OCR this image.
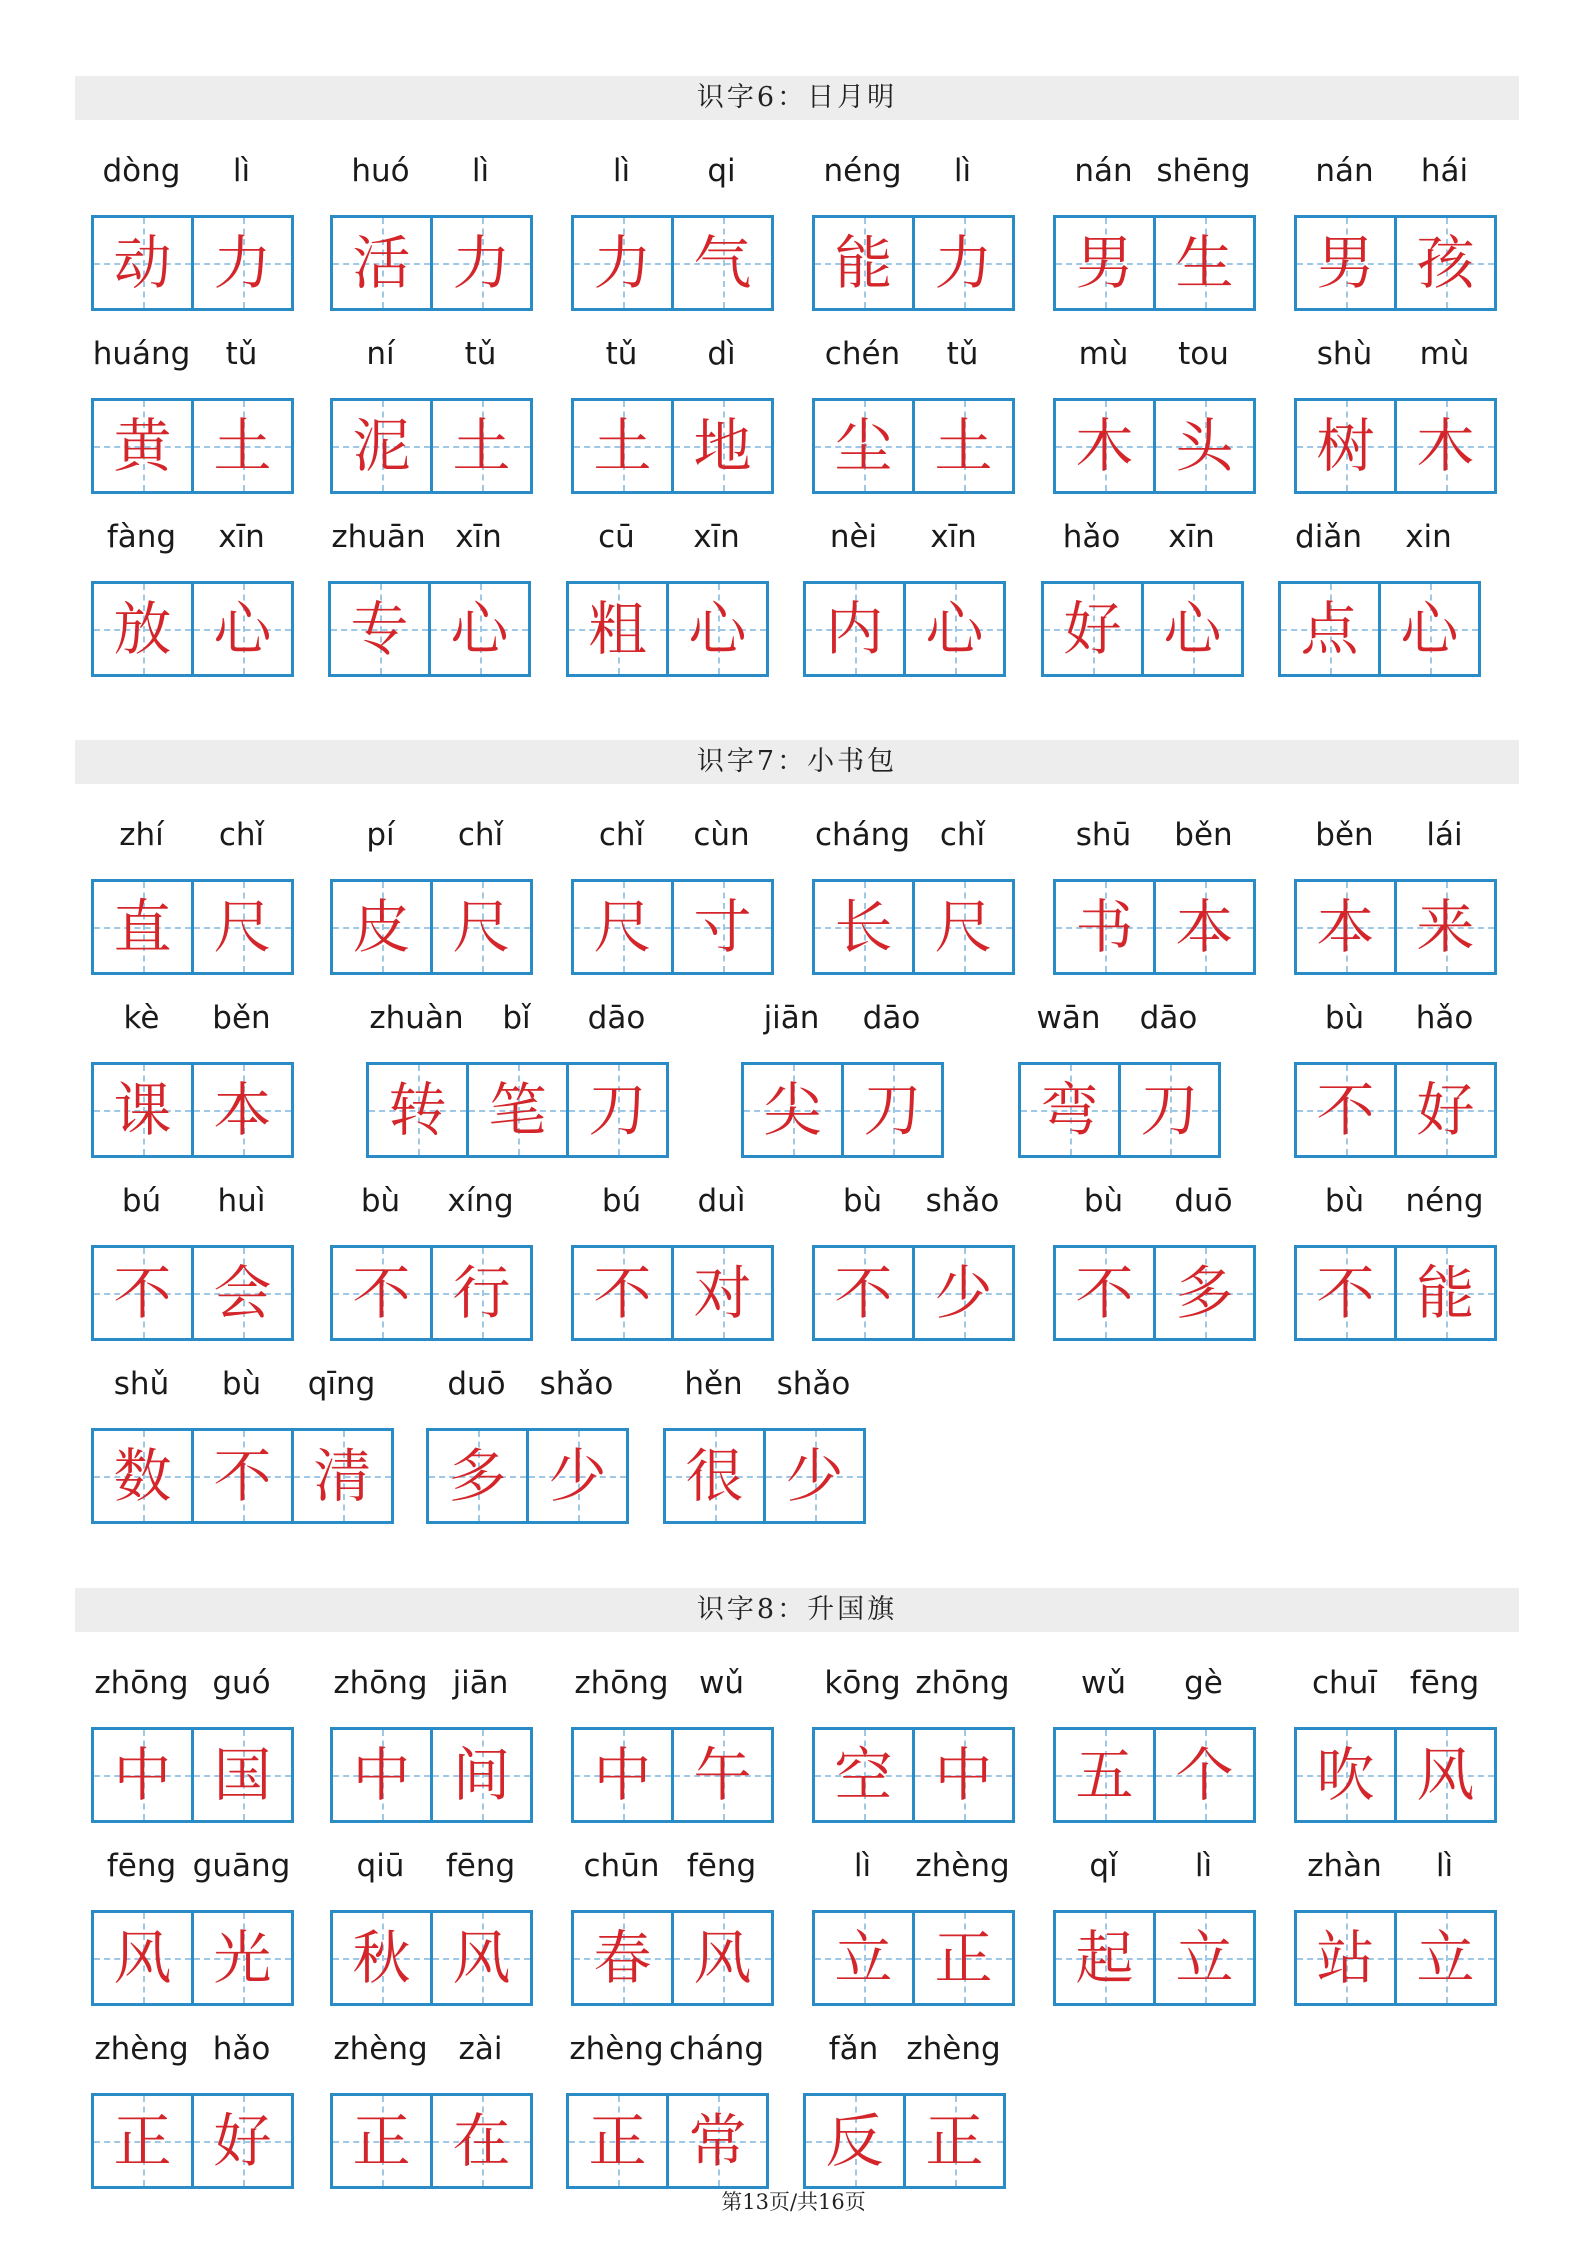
识字6：日月明
dòng	lì
动 力
huó	lì
活 力
lì	qi
力 气
néng	lì
能 力
nán shēng
男 生
nán	hái
男 孩
huáng	tǔ
黄 土
ní	tǔ
泥 土
tǔ	dì
土 地
chén	tǔ
尘 土
mù	tou
木 头
shù	mù
树 木
fàng	xīn
放 心
zhuān xīn
专 心
cū	xīn
粗 心
nèi	xīn
内 心
hǎo	xīn
好 心
diǎn	xin
点 心
识字7：小书包
zhí	chǐ
直 尺
pí	chǐ
皮 尺
chǐ	cùn
尺 寸
cháng chǐ
长 尺
shū	běn
书 本
běn	lái
本 来
kè	běn
课 本
zhuàn	bǐ	dāo
转 笔 刀
jiān	dāo
尖 刀
wān	dāo
弯 刀
bù	hǎo
不 好
bú	huì
不 会
bù	xíng
不 行
bú	duì
不 对
bù	shǎo
不 少
bù	duō
不 多
bù	néng
不 能
shǔ	bù	qīng
数 不 清
duō	shǎo
多 少
hěn	shǎo
很 少
识字8：升国旗
zhōng guó
中 国
zhōng jiān
中 间
zhōng wǔ
中 午
kōng zhōng
空 中
wǔ	gè
五 个
chuī	fēng
吹 风
fēng guāng
风 光
qiū	fēng
秋 风
chūn fēng
春 风
lì	zhèng
立 正
qǐ	lì
起 立
zhàn	lì
站 立
zhèng hǎo
正 好
zhèng zài
正 在
zhèng cháng
正 常
fǎn zhèng
反 正
第13页/共16页
